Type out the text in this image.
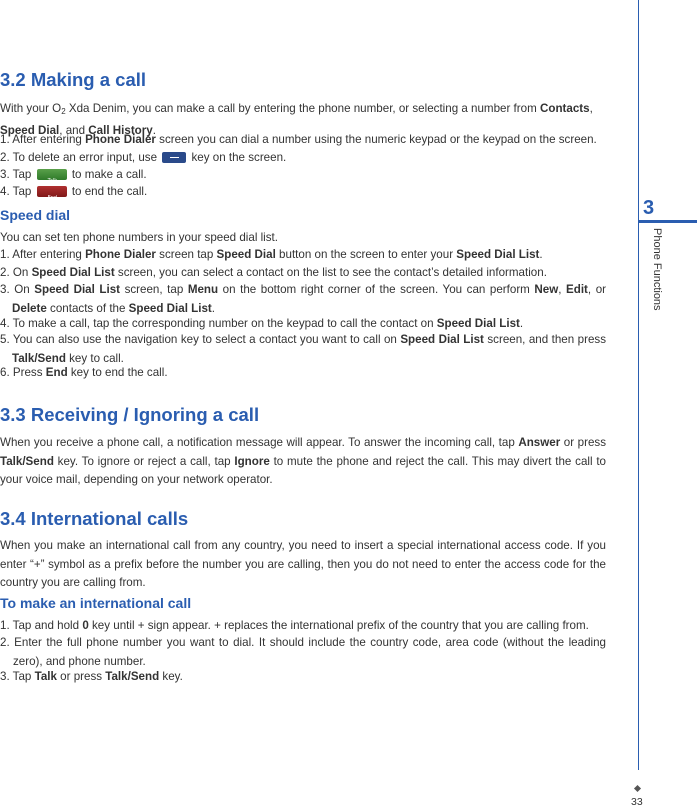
3.2 Making a call

With your $O_2$ Xda Denim, you can make a call by entering the phone number, or selecting a number from Contacts, Speed Dial, and Call History.

1. After entering Phone Dialer screen you can dial a number using the numeric keypad or the keypad on the screen.

2. To delete an error input, use  key on the screen.

3. Tap	Talk to make a call.

4. Tap	End to end the call.

Speed dial

You can set ten phone numbers in your speed dial list.

1. After entering Phone Dialer screen tap Speed Dial button on the screen to enter your Speed Dial List.

2. On Speed Dial List screen, you can select a contact on the list to see the contact’s detailed information.

3. On Speed Dial List screen, tap Menu on the bottom right corner of the screen. You can perform New, Edit, or Delete contacts of the Speed Dial List.

4. To make a call, tap the corresponding number on the keypad to call the contact on Speed Dial List.

5. You can also use the navigation key to select a contact you want to call on Speed Dial List screen, and then press Talk/Send key to call.

6. Press End key to end the call.

3.3 Receiving / Ignoring a call

When you receive a phone call, a notification message will appear. To answer the incoming call, tap Answer or press Talk/Send key. To ignore or reject a call, tap Ignore to mute the phone and reject the call. This may divert the call to your voice mail, depending on your network operator.

3.4 International calls

When you make an international call from any country, you need to insert a special international access code. If you enter “+” symbol as a prefix before the number you are calling, then you do not need to enter the access code for the country you are calling from.

To make an international call

1. Tap and hold 0 key until + sign appear. + replaces the international prefix of the country that you are calling from.

2. Enter the full phone number you want to dial. It should include the country code, area code (without the leading zero), and phone number.

3. Tap Talk or press Talk/Send key.

3
Phone Functions
33
